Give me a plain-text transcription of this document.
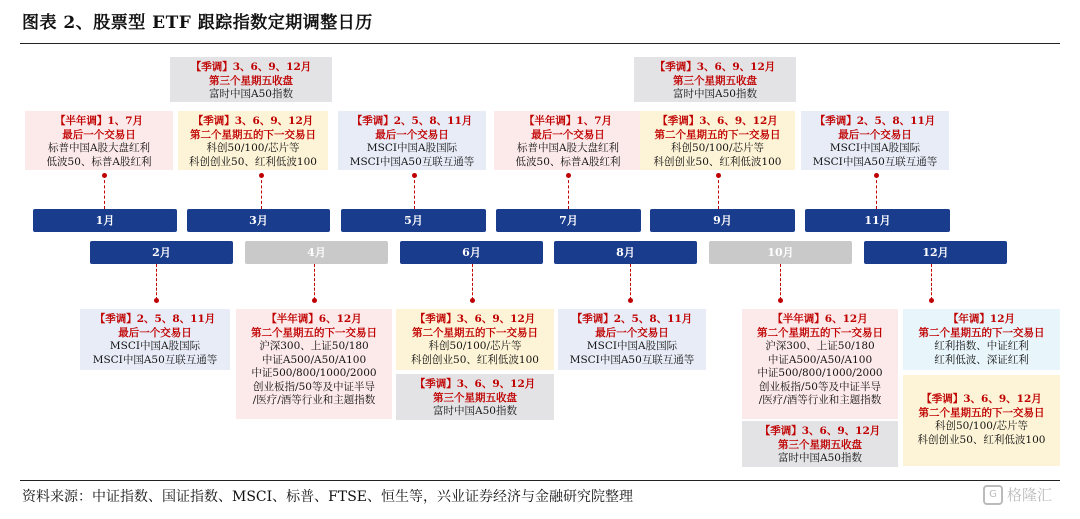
图表 2、股票型 ETF 跟踪指数定期调整日历
【半年调】1、7月
最后一个交易日
标普中国A股大盘红利
低波50、标普A股红利
【季调】3、6、9、12月
第三个星期五收盘
富时中国A50指数
【季调】3、6、9、12月
第二个星期五的下一交易日
科创50/100/芯片等
科创创业50、红利低波100
【季调】2、5、8、11月
最后一个交易日
MSCI中国A股国际
MSCI中国A50互联互通等
【半年调】1、7月
最后一个交易日
标普中国A股大盘红利
低波50、标普A股红利
【季调】3、6、9、12月
第三个星期五收盘
富时中国A50指数
【季调】3、6、9、12月
第二个星期五的下一交易日
科创50/100/芯片等
科创创业50、红利低波100
【季调】2、5、8、11月
最后一个交易日
MSCI中国A股国际
MSCI中国A50互联互通等
1月	3月	5月	7月	9月	11月
2月	4月	6月	8月	10月	12月
【季调】2、5、8、11月
最后一个交易日
MSCI中国A股国际
MSCI中国A50互联互通等
【半年调】6、12月
第二个星期五的下一交易日
沪深300、上证50/180
中证A500/A50/A100
中证500/800/1000/2000
创业板指/50等及中证半导
/医疗/酒等行业和主题指数
【季调】3、6、9、12月
第二个星期五的下一交易日
科创50/100/芯片等
科创创业50、红利低波100
【季调】3、6、9、12月
第三个星期五收盘
富时中国A50指数
【季调】2、5、8、11月
最后一个交易日
MSCI中国A股国际
MSCI中国A50互联互通等
【半年调】6、12月
第二个星期五的下一交易日
沪深300、上证50/180
中证A500/A50/A100
中证500/800/1000/2000
创业板指/50等及中证半导
/医疗/酒等行业和主题指数
【季调】3、6、9、12月
第三个星期五收盘
富时中国A50指数
【年调】12月
第二个星期五的下一交易日
红利指数、中证红利
红利低波、深证红利
【季调】3、6、9、12月
第二个星期五的下一交易日
科创50/100/芯片等
科创创业50、红利低波100
资料来源：中证指数、国证指数、MSCI、标普、FTSE、恒生等，兴业证券经济与金融研究院整理	G 格隆汇
